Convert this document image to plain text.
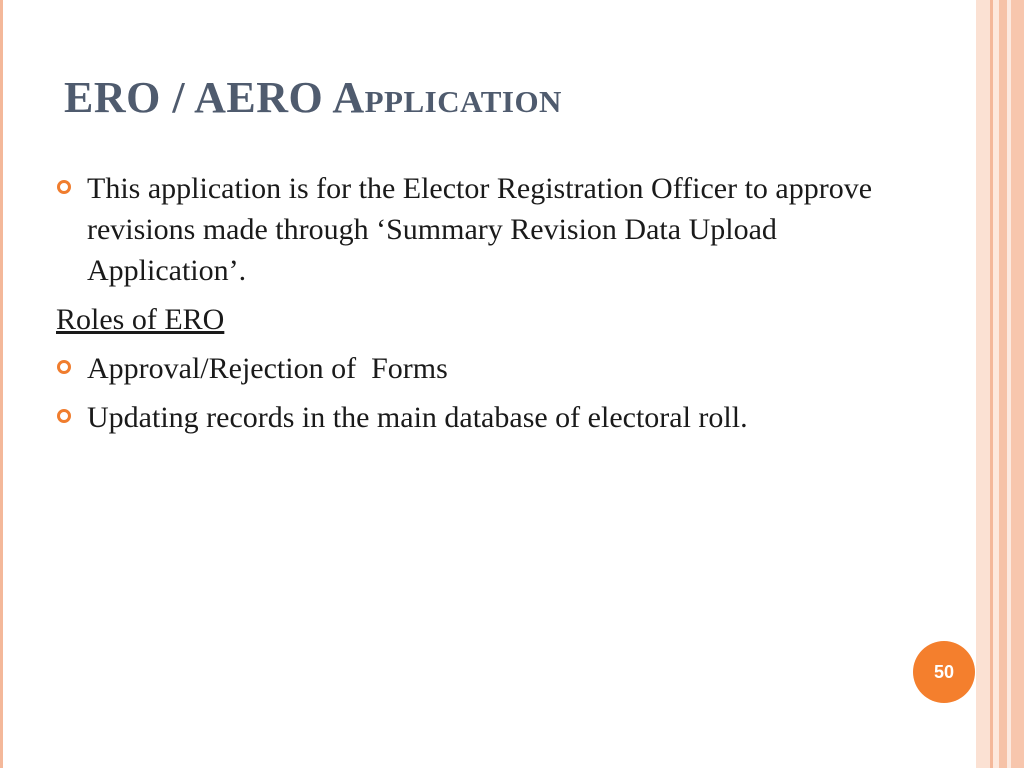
ERO / AERO Application
This application is for the Elector Registration Officer to approve revisions made through ‘Summary Revision Data Upload Application’.
Roles of ERO
Approval/Rejection of  Forms
Updating records in the main database of electoral roll.
50
